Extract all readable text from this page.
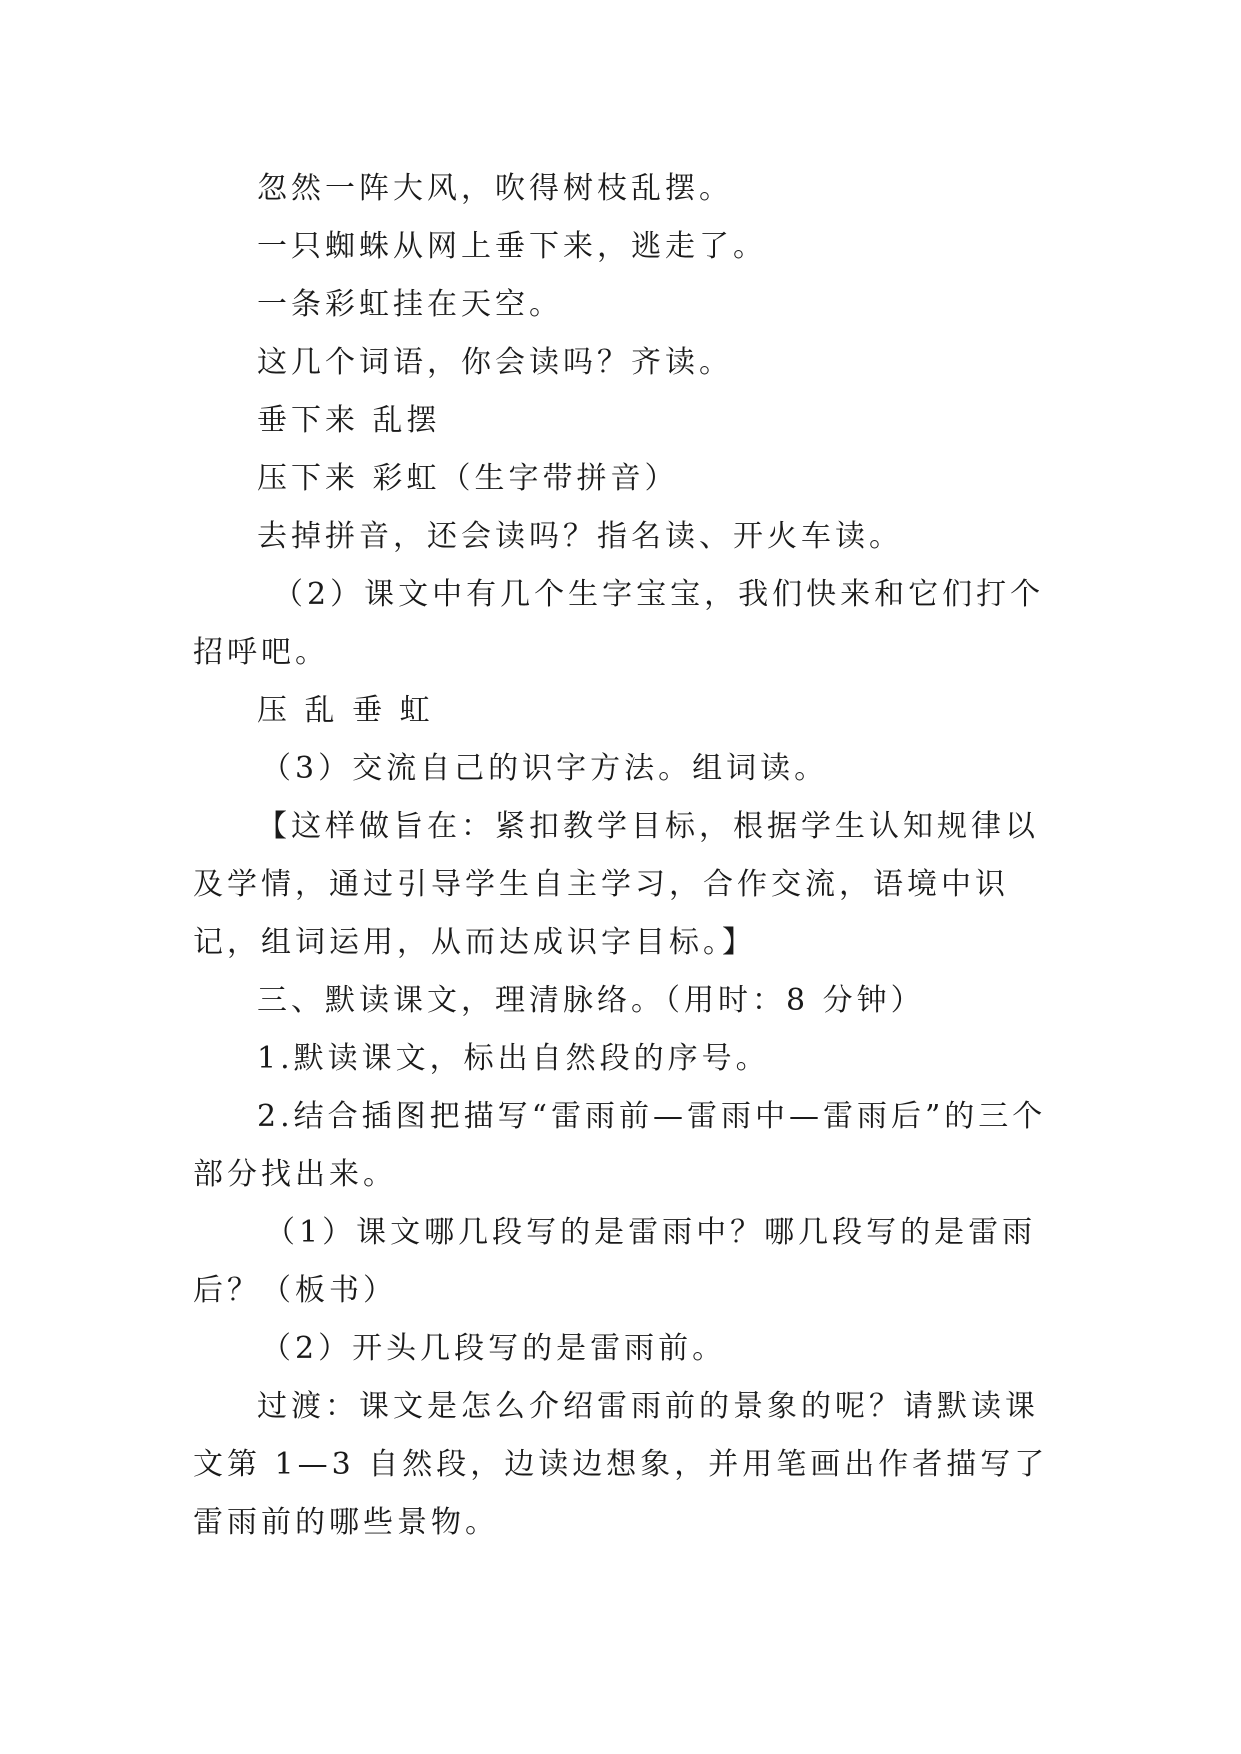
忽然一阵大风，吹得树枝乱摆。

一只蜘蛛从网上垂下来，逃走了。

一条彩虹挂在天空。

这几个词语，你会读吗？齐读。

垂下来 乱摆

压下来 彩虹（生字带拼音）

去掉拼音，还会读吗？指名读、开火车读。

（2）课文中有几个生字宝宝，我们快来和它们打个招呼吧。

压 乱 垂 虹

（3）交流自己的识字方法。组词读。

【这样做旨在：紧扣教学目标，根据学生认知规律以及学情，通过引导学生自主学习，合作交流，语境中识记，组词运用，从而达成识字目标。】

三、默读课文，理清脉络。（用时：8 分钟）

1.默读课文，标出自然段的序号。

2.结合插图把描写“雷雨前—雷雨中—雷雨后”的三个部分找出来。

（1）课文哪几段写的是雷雨中？哪几段写的是雷雨后？（板书）

（2）开头几段写的是雷雨前。

过渡：课文是怎么介绍雷雨前的景象的呢？请默读课文第 1—3 自然段，边读边想象，并用笔画出作者描写了雷雨前的哪些景物。
